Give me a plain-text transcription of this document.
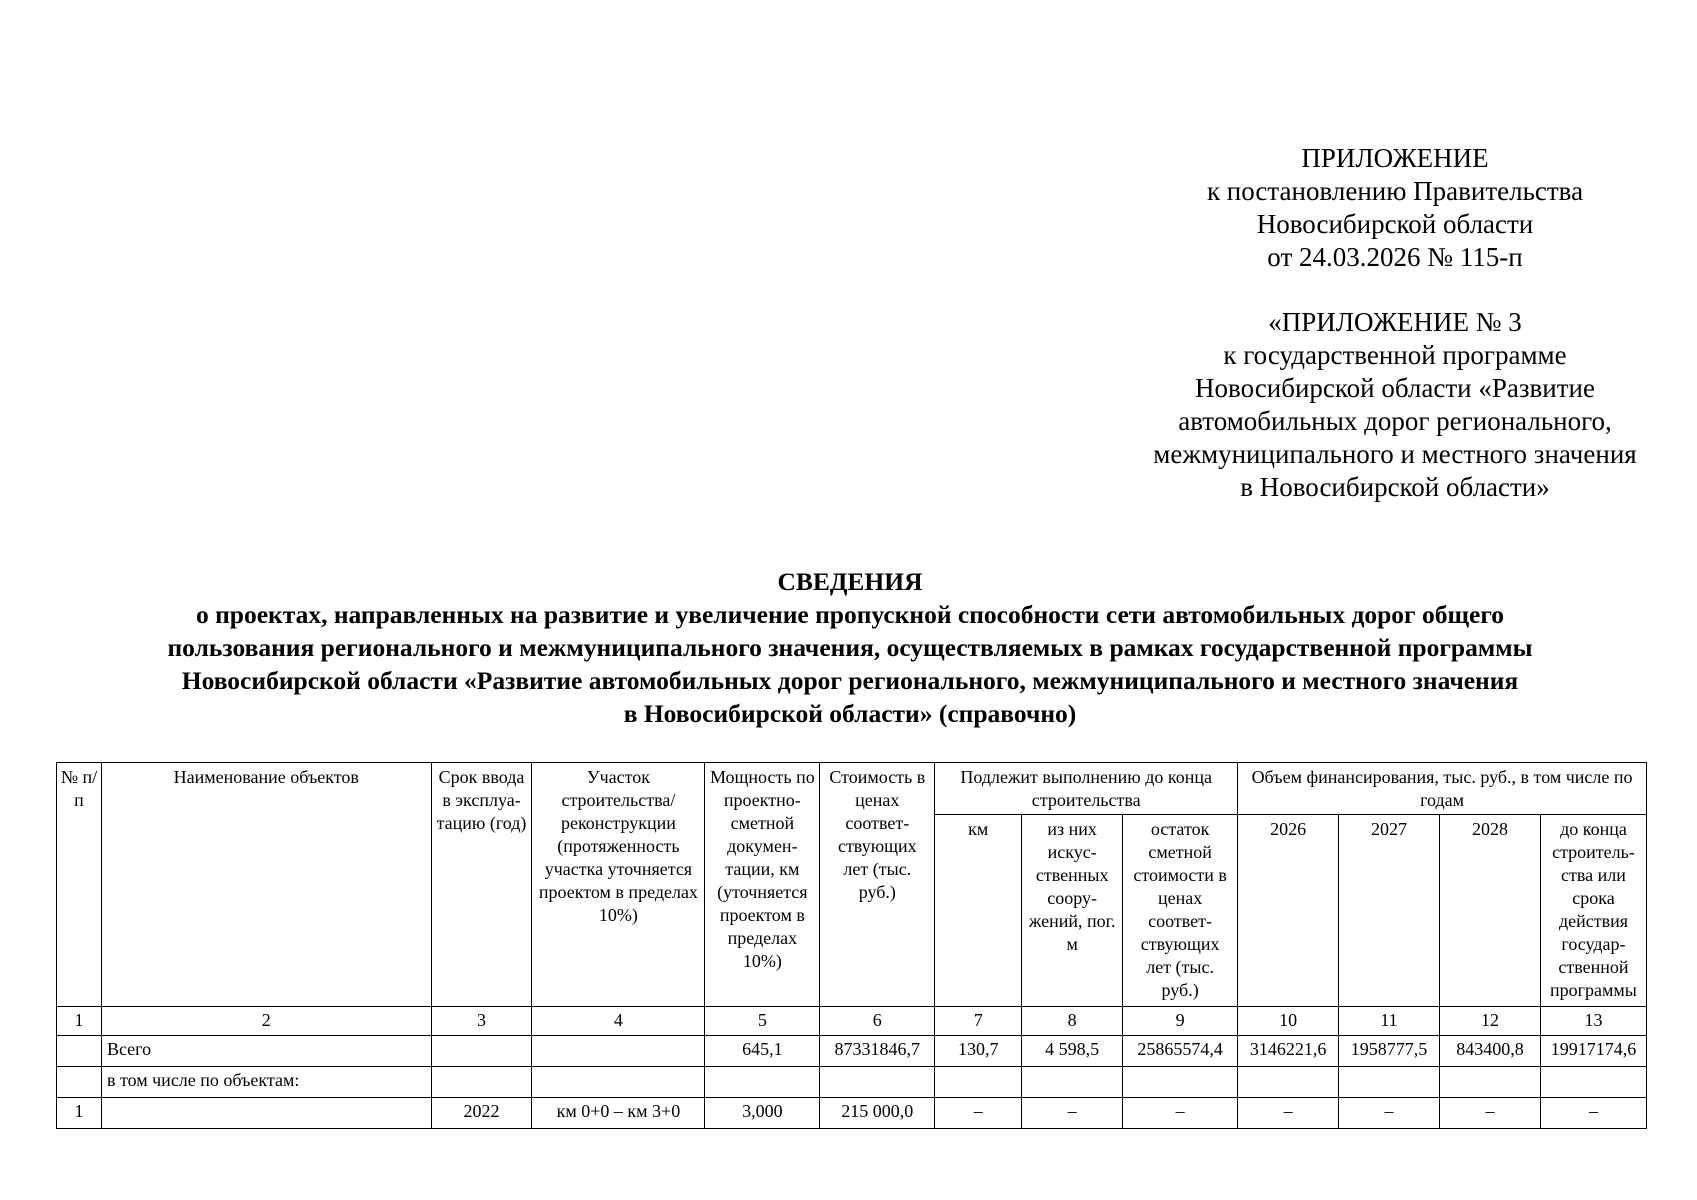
ПРИЛОЖЕНИЕ
к постановлению Правительства
Новосибирской области
от 24.03.2026 № 115-п
«ПРИЛОЖЕНИЕ № 3
к государственной программе
Новосибирской области «Развитие
автомобильных дорог регионального,
межмуниципального и местного значения
в Новосибирской области»
СВЕДЕНИЯ
о проектах, направленных на развитие и увеличение пропускной способности сети автомобильных дорог общего
пользования регионального и межмуниципального значения, осуществляемых в рамках государственной программы
Новосибирской области «Развитие автомобильных дорог регионального, межмуниципального и местного значения
в Новосибирской области» (справочно)
№ п/п	Наименование объектов	Срок ввода в эксплуа-тацию (год)	Участок строительства/ реконструкции (протяженность участка уточняется проектом в пределах 10%)	Мощность по проектно-сметной докумен-тации, км (уточняется проектом в пределах 10%)	Стоимость в ценах соответ-ствующих лет (тыс. руб.)	Подлежит выполнению до конца строительства			Объем финансирования, тыс. руб., в том числе по годам			
						км	из них искус-ственных соору-жений, пог. м	остаток сметной стоимости в ценах соответ-ствующих лет (тыс. руб.)	2026	2027	2028	до конца строитель-ства или срока действия государ-ственной программы
1	2	3	4	5	6	7	8	9	10	11	12	13
	Всего			645,1	87331846,7	130,7	4 598,5	25865574,4	3146221,6	1958777,5	843400,8	19917174,6
	в том числе по объектам:											
1		2022	км 0+0 – км 3+0	3,000	215 000,0	–	–	–	–	–	–	–
